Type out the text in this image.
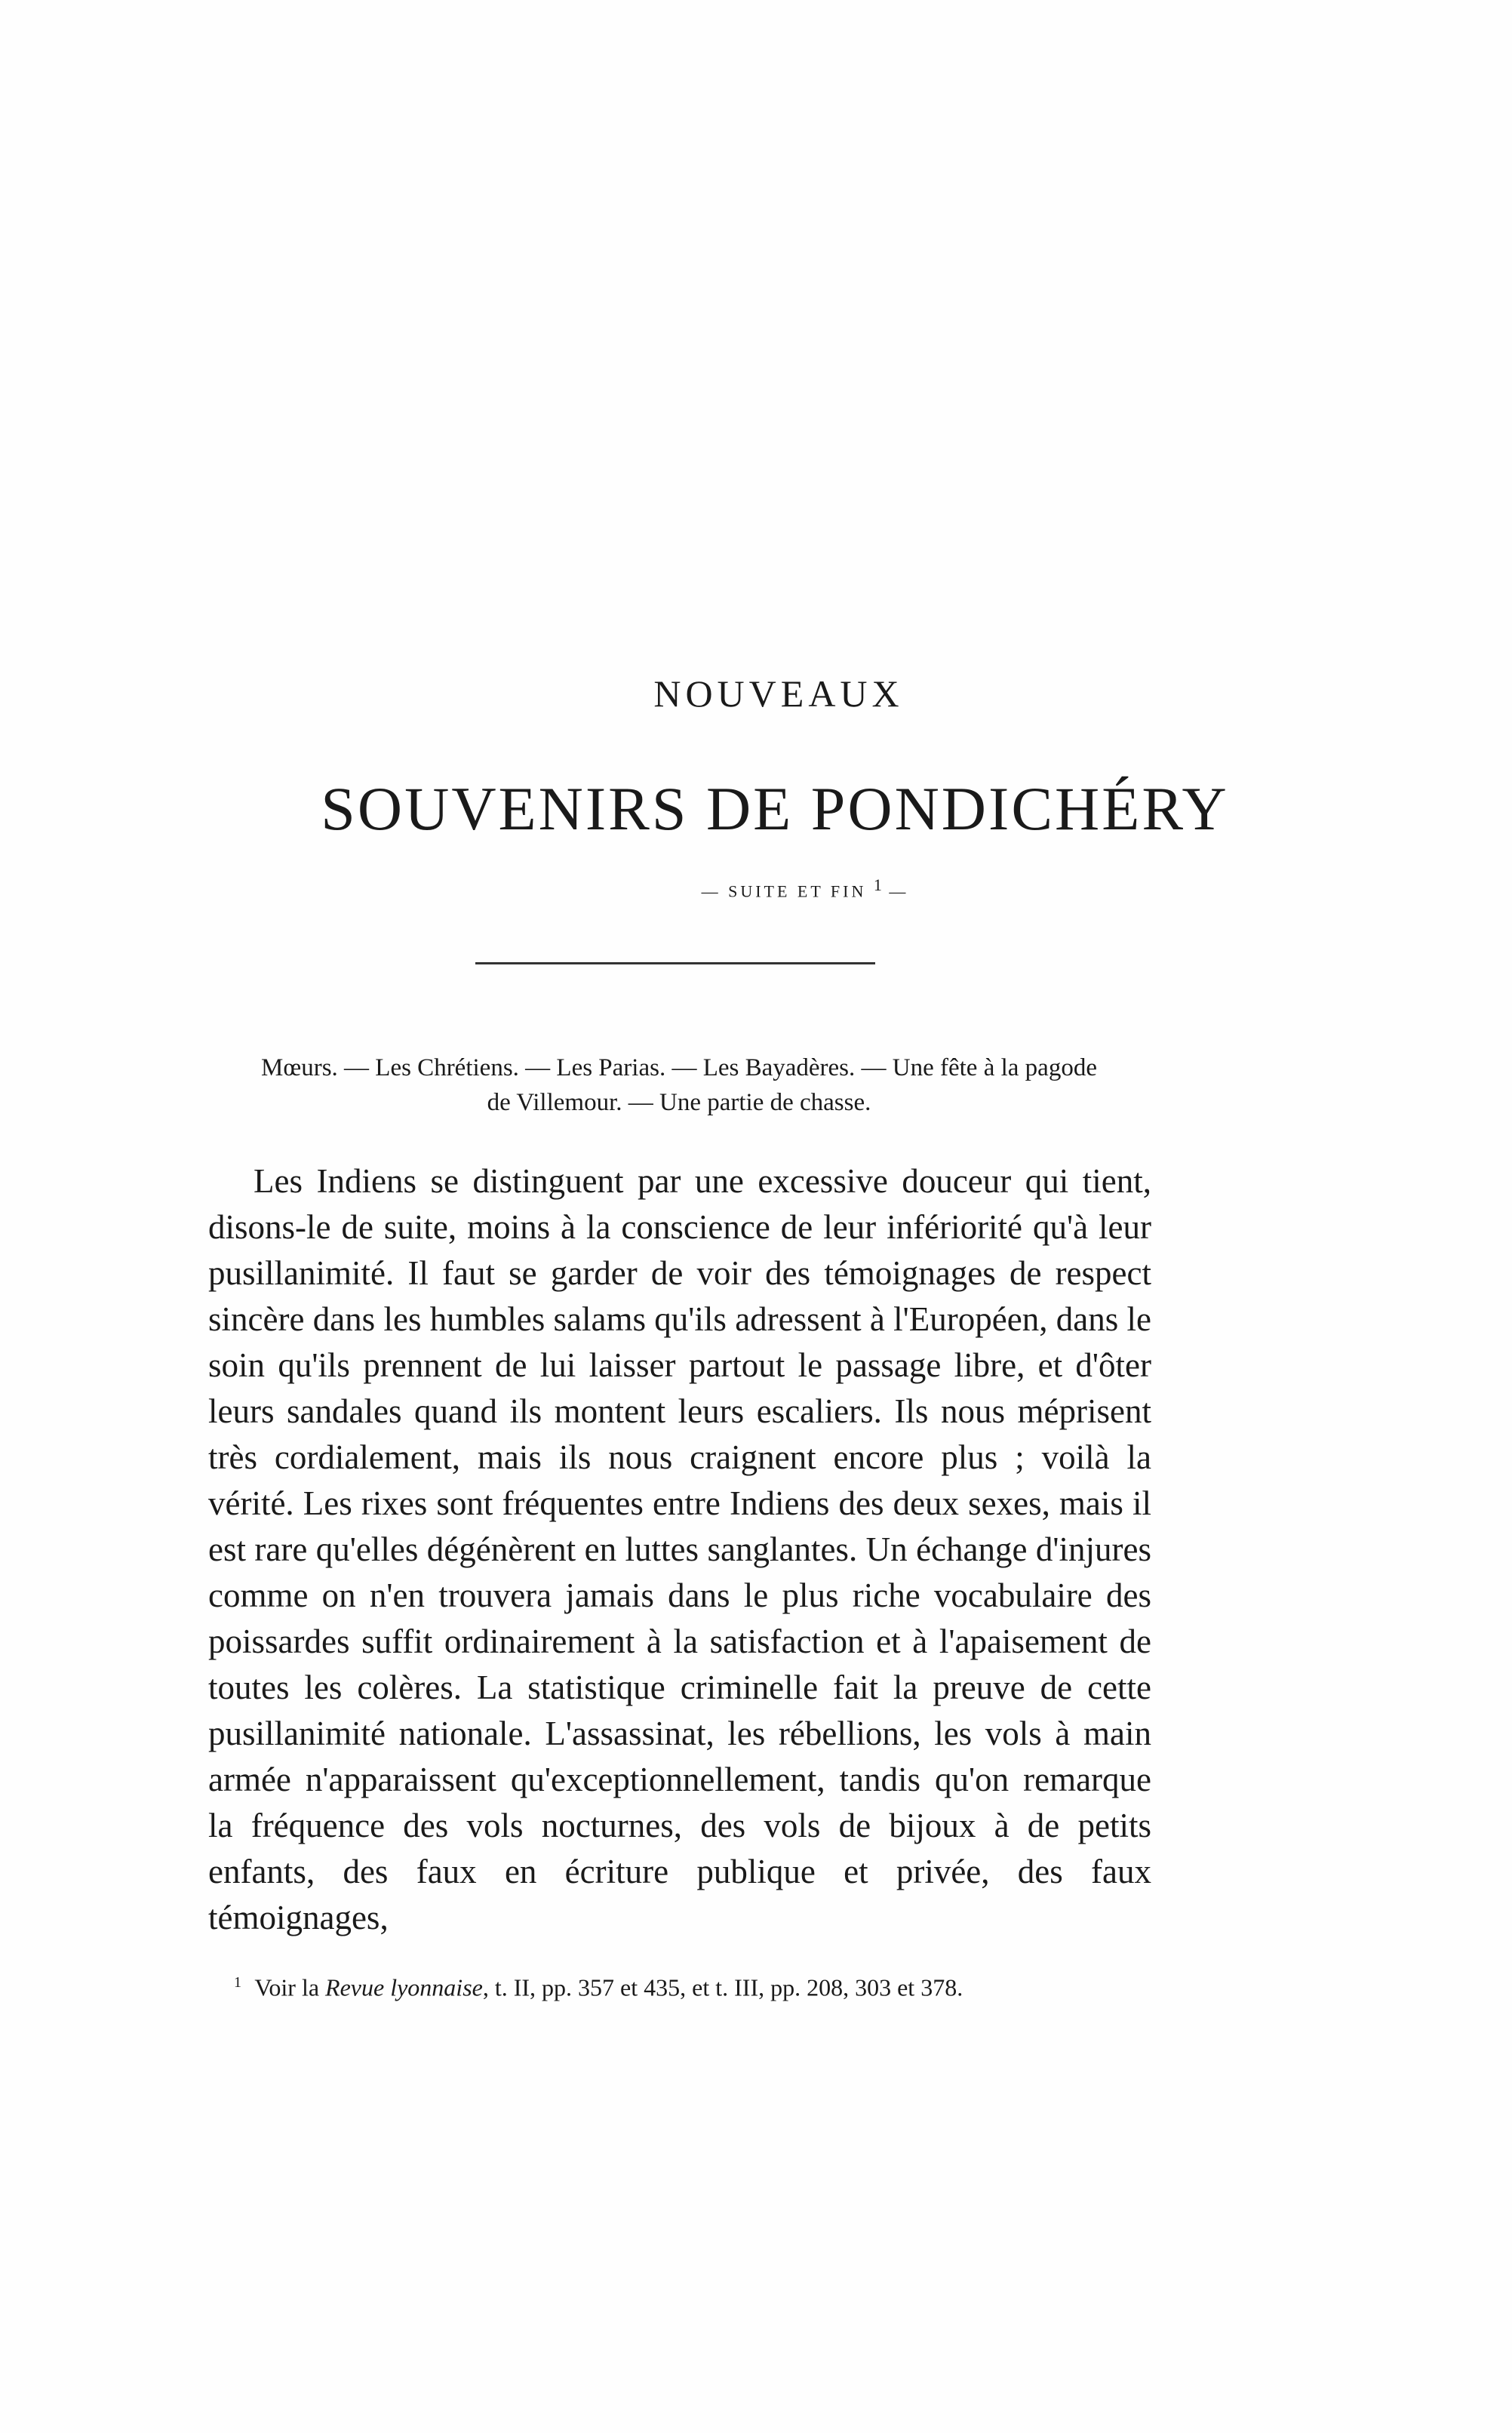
NOUVEAUX
SOUVENIRS DE PONDICHÉRY
— SUITE ET FIN 1 —
Mœurs. — Les Chrétiens. — Les Parias. — Les Bayadères. — Une fête à la pagode
de Villemour. — Une partie de chasse.

Les Indiens se distinguent par une excessive douceur qui tient, disons-le de suite, moins à la conscience de leur infériorité qu'à leur pusillanimité. Il faut se garder de voir des témoignages de respect sincère dans les humbles salams qu'ils adressent à l'Européen, dans le soin qu'ils prennent de lui laisser partout le passage libre, et d'ôter leurs sandales quand ils montent leurs escaliers. Ils nous méprisent très cordialement, mais ils nous craignent encore plus ; voilà la vérité. Les rixes sont fréquentes entre Indiens des deux sexes, mais il est rare qu'elles dégénèrent en luttes sanglantes. Un échange d'injures comme on n'en trouvera jamais dans le plus riche vocabulaire des poissardes suffit ordinairement à la satisfaction et à l'apaisement de toutes les colères. La statistique criminelle fait la preuve de cette pusillanimité nationale. L'assassinat, les rébellions, les vols à main armée n'apparaissent qu'exceptionnellement, tandis qu'on remarque la fréquence des vols nocturnes, des vols de bijoux à de petits enfants, des faux en écriture publique et privée, des faux témoignages,

$^1$ Voir la Revue lyonnaise, t. II, pp. 357 et 435, et t. III, pp. 208, 303 et 378.
